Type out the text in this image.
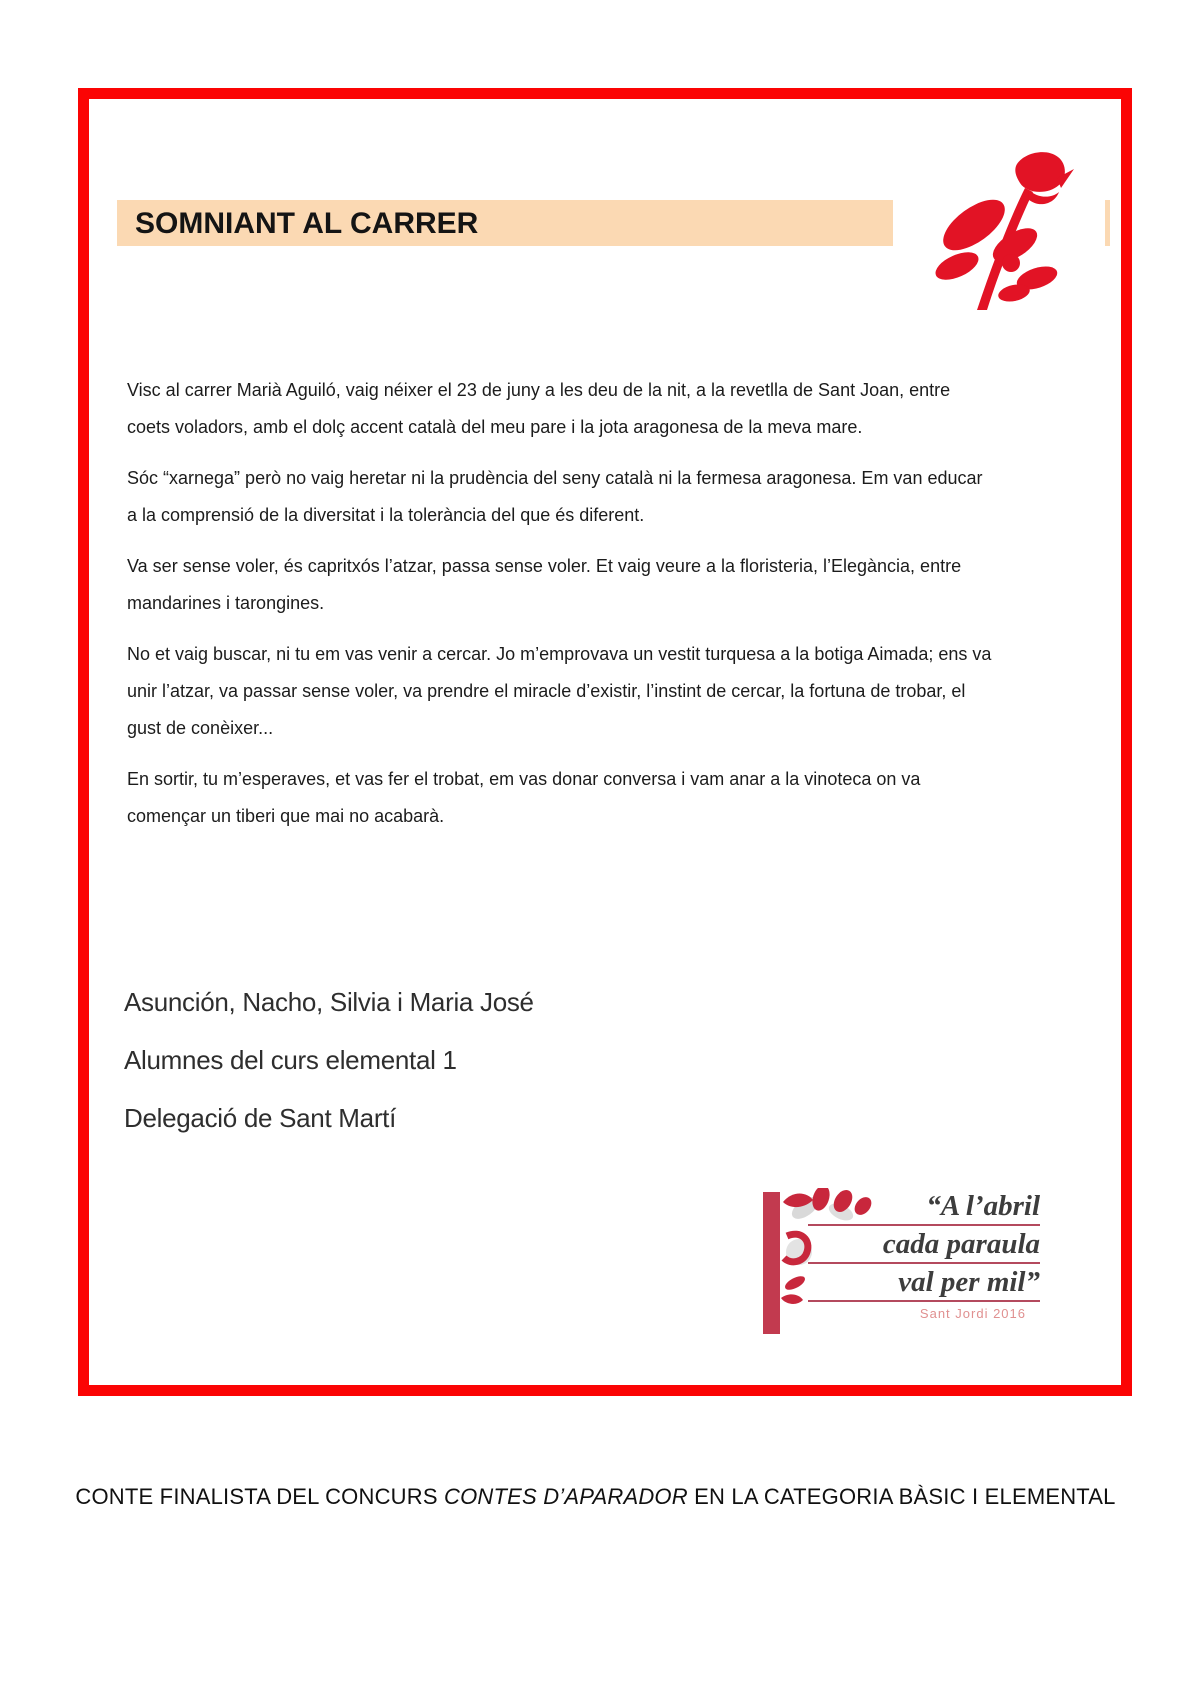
SOMNIANT AL CARRER

Visc al carrer Marià Aguiló, vaig néixer el 23 de juny a les deu de la nit, a la revetlla de Sant Joan, entre coets voladors, amb el dolç accent català del meu pare i la jota aragonesa de la meva mare.

Sóc “xarnega” però no vaig heretar ni la prudència del seny català ni la fermesa aragonesa. Em van educar a la comprensió de la diversitat i la tolerància del que és diferent.

Va ser sense voler, és capritxós l’atzar, passa sense voler. Et vaig veure a la floristeria, l’Elegància, entre mandarines i tarongines.

No et vaig buscar, ni tu em vas venir a cercar. Jo m’emprovava un vestit turquesa a la botiga Aimada; ens va unir l’atzar, va passar sense voler, va prendre el miracle d’existir, l’instint de cercar, la fortuna de trobar, el gust de conèixer...

En sortir, tu m’esperaves, et vas fer el trobat, em vas donar conversa i vam anar a la vinoteca on va començar un tiberi que mai no acabarà.

Asunción, Nacho, Silvia i Maria José
Alumnes del curs elemental 1
Delegació de Sant Martí
“A l’abril
cada paraula
val per mil”
Sant Jordi 2016
CONTE FINALISTA DEL CONCURS CONTES D’APARADOR EN LA CATEGORIA BÀSIC I ELEMENTAL
